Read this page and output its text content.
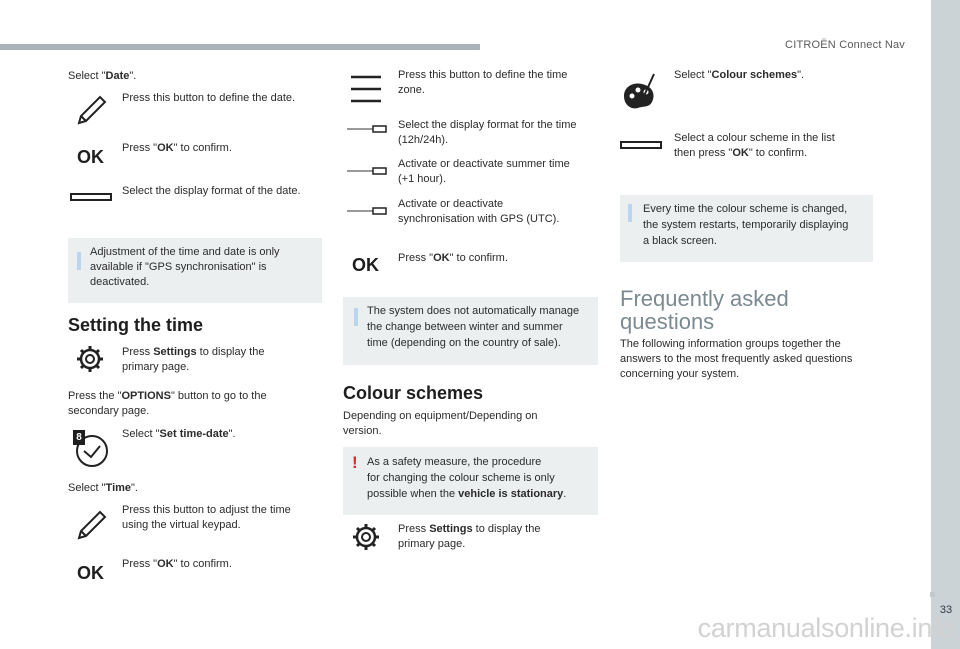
CITROËN Connect Nav
33
carmanualsonline.info
Select "Date".
Press this button to define the date.
OK Press "OK" to confirm.
Select the display format of the date.
Adjustment of the time and date is only
available if "GPS synchronisation" is
deactivated.
Setting the time
Press Settings to display the
primary page.
Press the "OPTIONS" button to go to the
secondary page.
8	Select "Set time-date".
Select "Time".
Press this button to adjust the time
using the virtual keypad.
OK Press "OK" to confirm.
Press this button to define the time
zone.
Select the display format for the time
(12h/24h).
Activate or deactivate summer time
(+1 hour).
Activate or deactivate
synchronisation with GPS (UTC).
OK Press "OK" to confirm.
The system does not automatically manage
the change between winter and summer
time (depending on the country of sale).
Colour schemes
Depending on equipment/Depending on
version.
! As a safety measure, the procedure
for changing the colour scheme is only
possible when the vehicle is stationary.
Press Settings to display the
primary page.
Select "Colour schemes".
Select a colour scheme in the list
then press "OK" to confirm.
Every time the colour scheme is changed,
the system restarts, temporarily displaying
a black screen.
Frequently asked
questions
The following information groups together the
answers to the most frequently asked questions
concerning your system.
